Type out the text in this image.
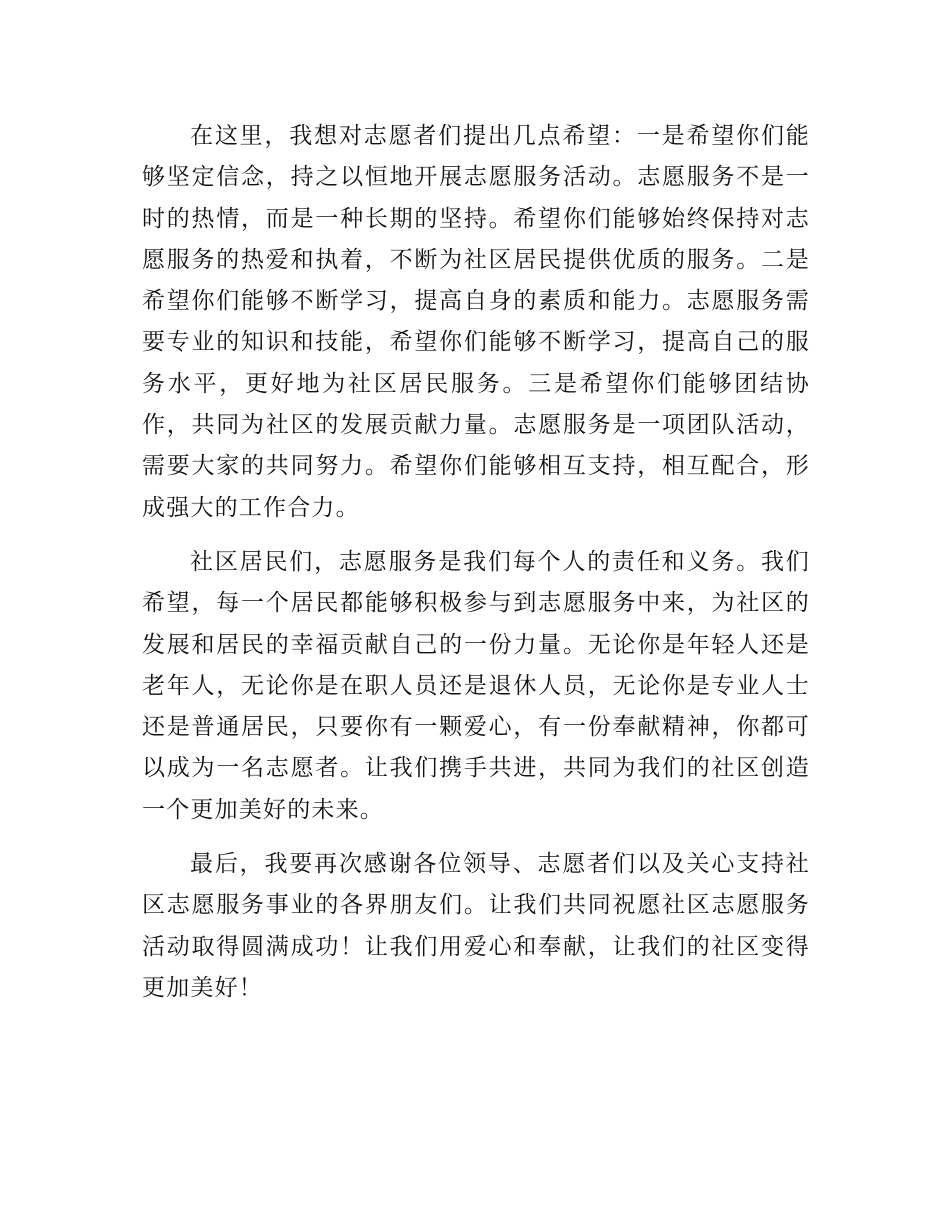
在这里，我想对志愿者们提出几点希望：一是希望你们能够坚定信念，持之以恒地开展志愿服务活动。志愿服务不是一时的热情，而是一种长期的坚持。希望你们能够始终保持对志愿服务的热爱和执着，不断为社区居民提供优质的服务。二是希望你们能够不断学习，提高自身的素质和能力。志愿服务需要专业的知识和技能，希望你们能够不断学习，提高自己的服务水平，更好地为社区居民服务。三是希望你们能够团结协作，共同为社区的发展贡献力量。志愿服务是一项团队活动，需要大家的共同努力。希望你们能够相互支持，相互配合，形成强大的工作合力。

社区居民们，志愿服务是我们每个人的责任和义务。我们希望，每一个居民都能够积极参与到志愿服务中来，为社区的发展和居民的幸福贡献自己的一份力量。无论你是年轻人还是老年人，无论你是在职人员还是退休人员，无论你是专业人士还是普通居民，只要你有一颗爱心，有一份奉献精神，你都可以成为一名志愿者。让我们携手共进，共同为我们的社区创造一个更加美好的未来。

最后，我要再次感谢各位领导、志愿者们以及关心支持社区志愿服务事业的各界朋友们。让我们共同祝愿社区志愿服务活动取得圆满成功！让我们用爱心和奉献，让我们的社区变得更加美好！
